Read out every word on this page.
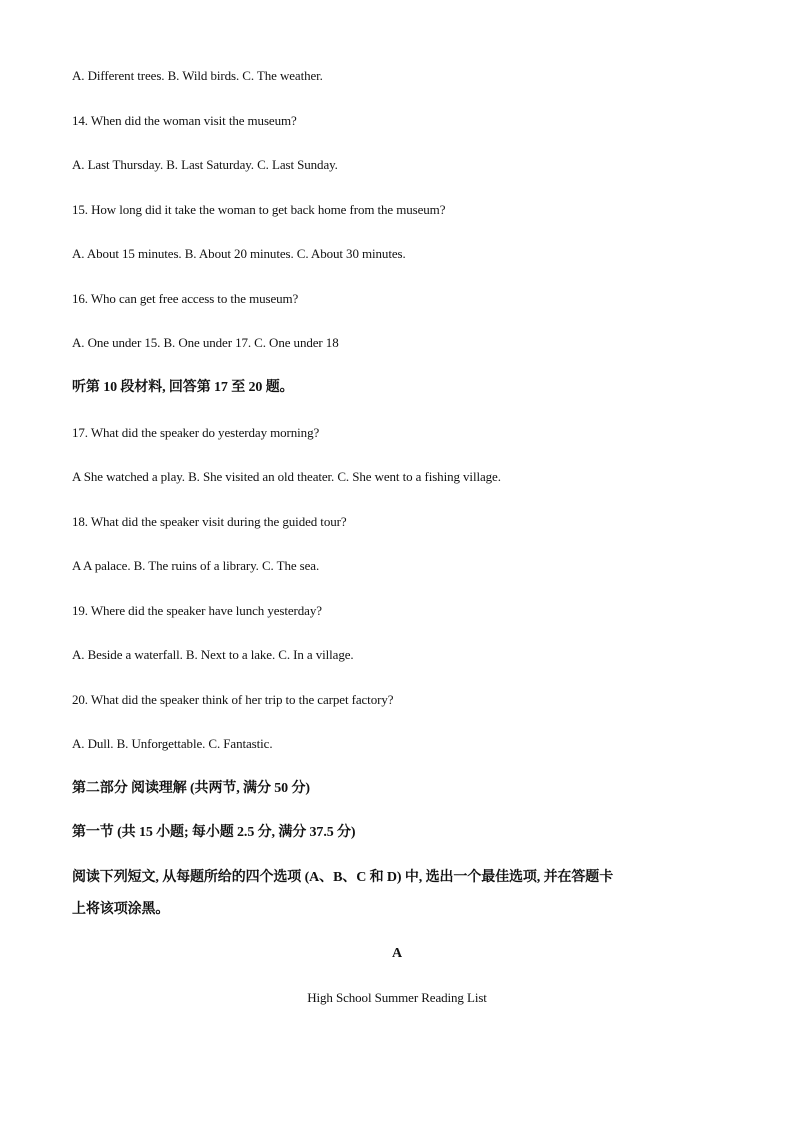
A. Different trees. B. Wild birds. C. The weather.
14. When did the woman visit the museum?
A. Last Thursday. B. Last Saturday. C. Last Sunday.
15. How long did it take the woman to get back home from the museum?
A. About 15 minutes. B. About 20 minutes. C. About 30 minutes.
16. Who can get free access to the museum?
A. One under 15. B. One under 17. C. One under 18
听第 10 段材料, 回答第 17 至 20 题。
17. What did the speaker do yesterday morning?
A She watched a play. B. She visited an old theater. C. She went to a fishing village.
18. What did the speaker visit during the guided tour?
A A palace. B. The ruins of a library. C. The sea.
19. Where did the speaker have lunch yesterday?
A. Beside a waterfall. B. Next to a lake. C. In a village.
20. What did the speaker think of her trip to the carpet factory?
A. Dull. B. Unforgettable. C. Fantastic.
第二部分 阅读理解 (共两节, 满分 50 分)
第一节 (共 15 小题; 每小题 2.5 分, 满分 37.5 分)
阅读下列短文, 从每题所给的四个选项 (A、B、C 和 D) 中, 选出一个最佳选项, 并在答题卡
上将该项涂黑。
A
High School Summer Reading List
